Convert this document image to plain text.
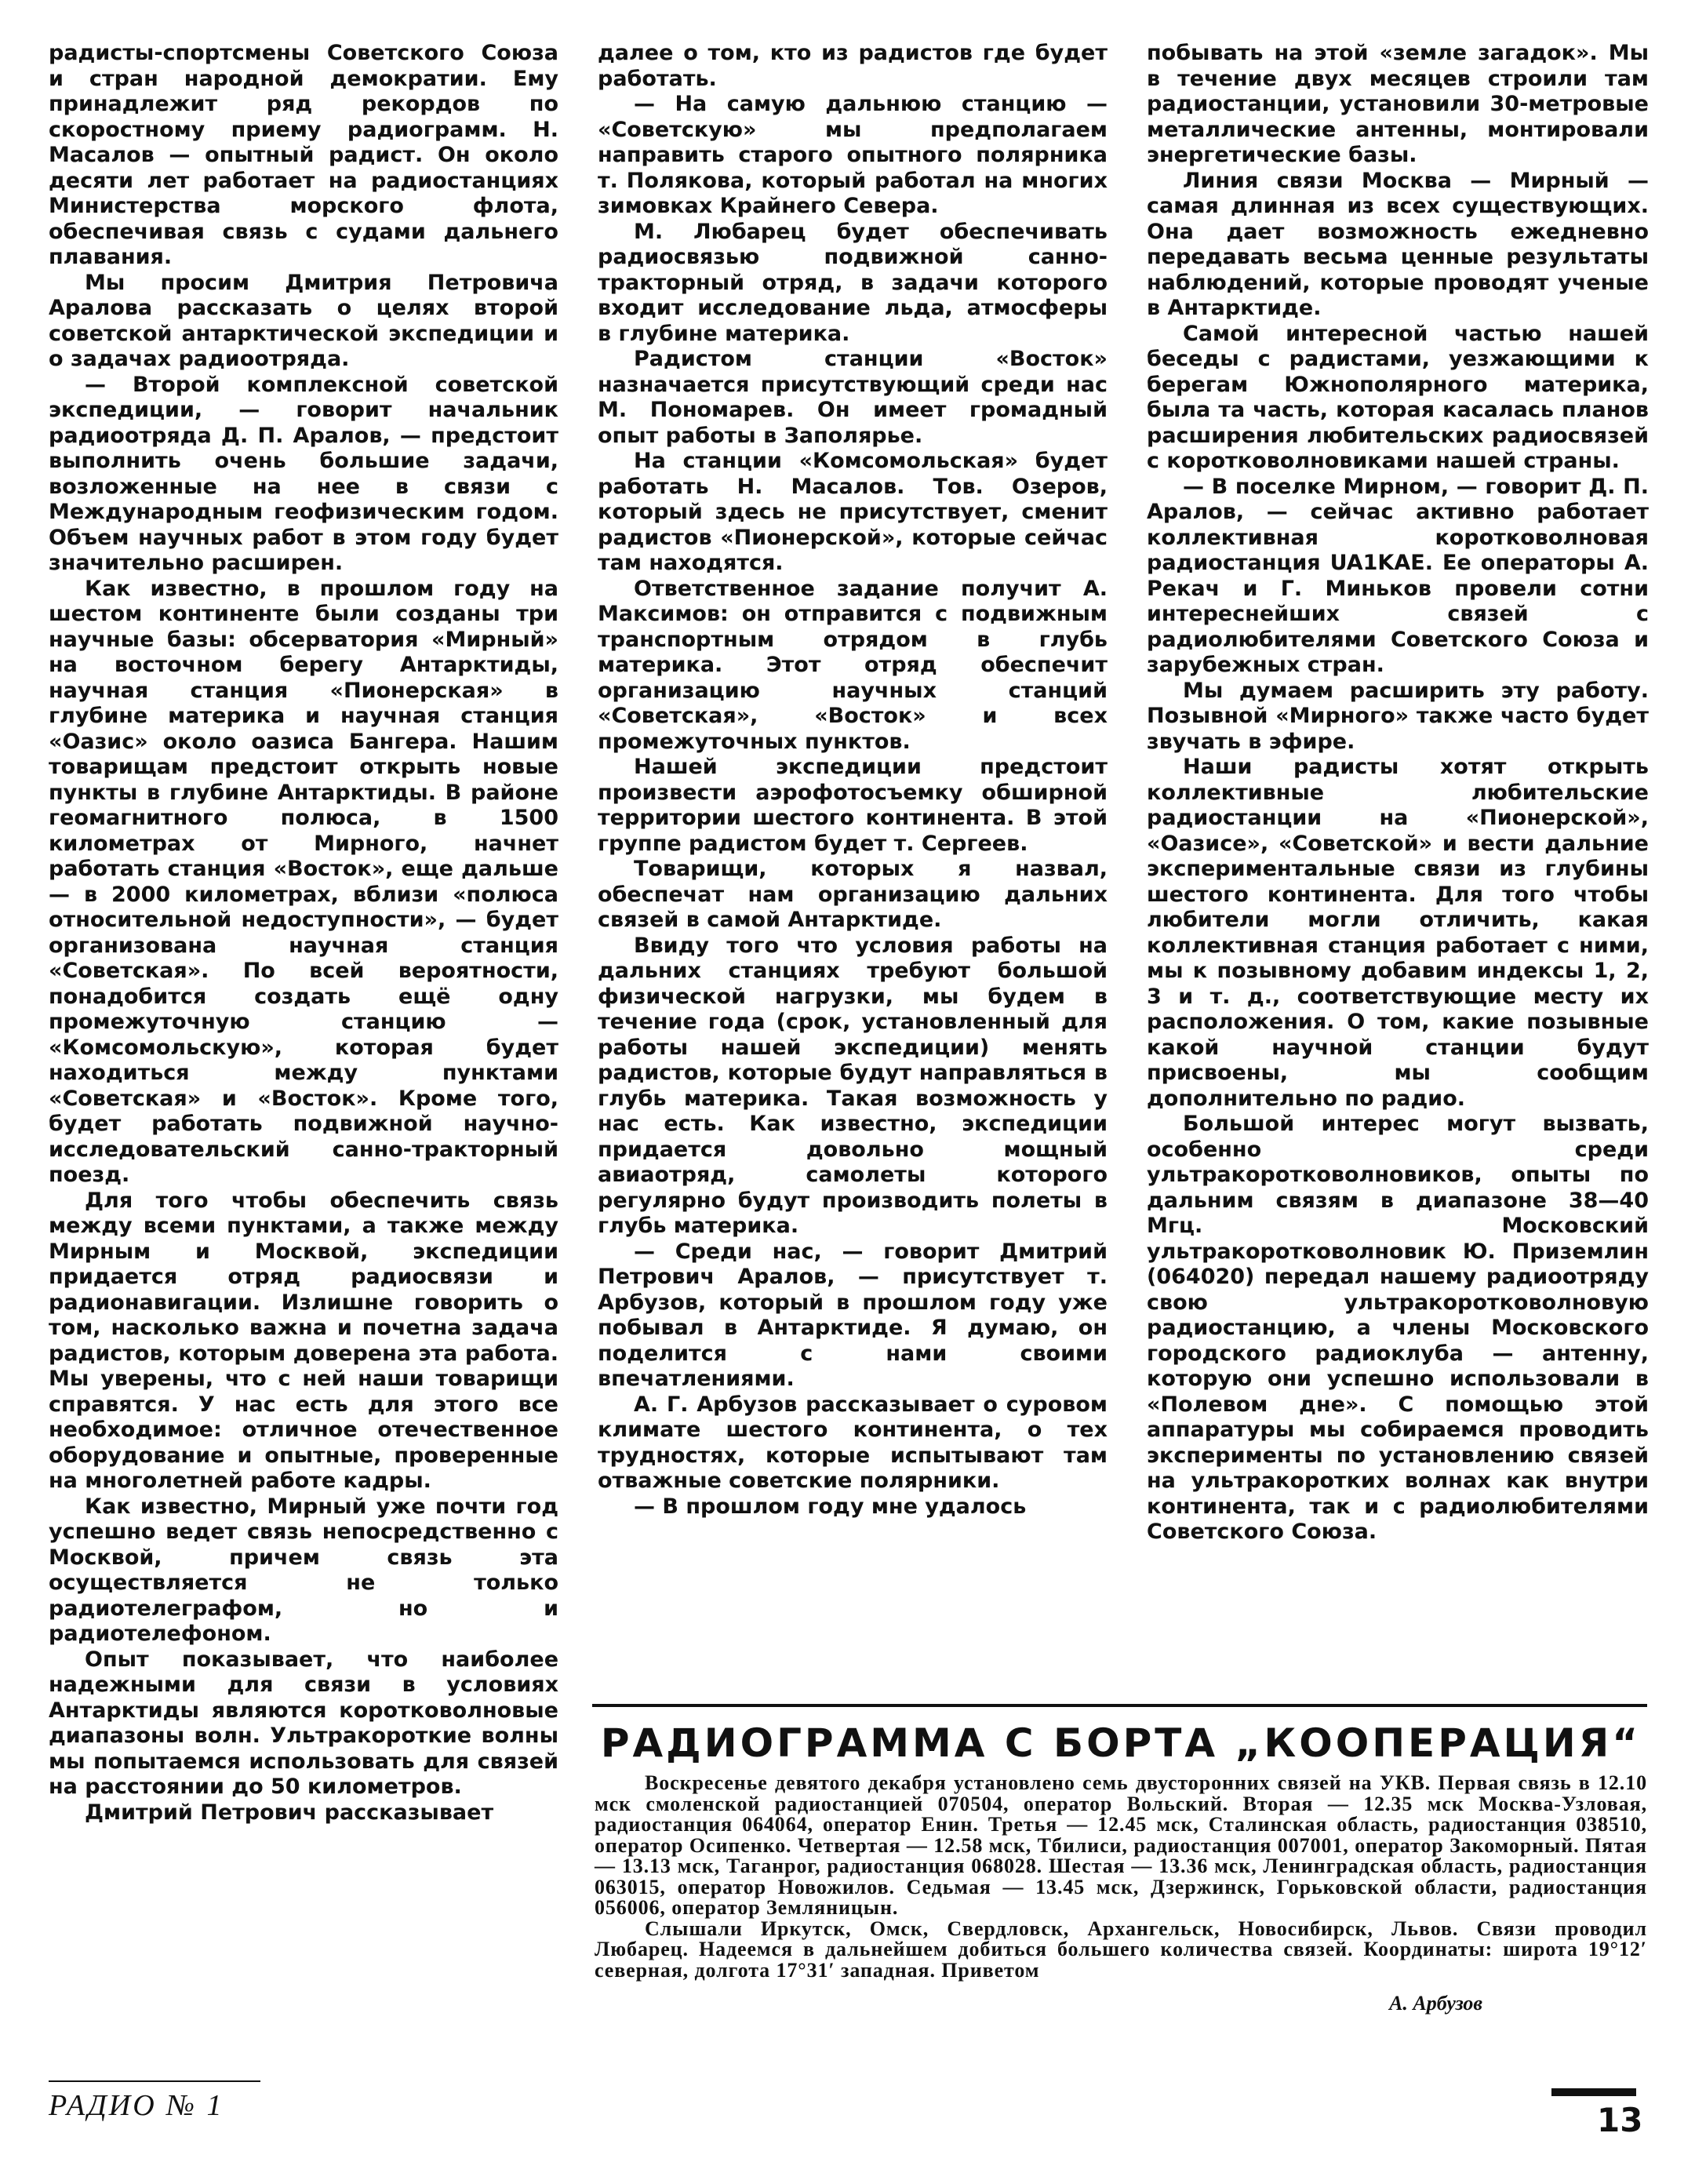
радисты-спортсмены Советского Союза и стран народной демократии. Ему принадлежит ряд рекордов по скоростному приему радиограмм. Н. Масалов — опытный радист. Он около десяти лет работает на радиостанциях Министерства морского флота, обеспечивая связь с судами дальнего плавания.

Мы просим Дмитрия Петровича Аралова рассказать о целях второй советской антарктической экспедиции и о задачах радиоотряда.

— Второй комплексной советской экспедиции, — говорит начальник радиоотряда Д. П. Аралов, — предстоит выполнить очень большие задачи, возложенные на нее в связи с Международным геофизическим годом. Объем научных работ в этом году будет значительно расширен.

Как известно, в прошлом году на шестом континенте были созданы три научные базы: обсерватория «Мирный» на восточном берегу Антарктиды, научная станция «Пионерская» в глубине материка и научная станция «Оазис» около оазиса Бангера. Нашим товарищам предстоит открыть новые пункты в глубине Антарктиды. В районе геомагнитного полюса, в 1500 километрах от Мирного, начнет работать станция «Восток», еще дальше — в 2000 километрах, вблизи «полюса относительной недоступности», — будет организована научная станция «Советская». По всей вероятности, понадобится создать ещё одну промежуточную станцию — «Комсомольскую», которая будет находиться между пунктами «Советская» и «Восток». Кроме того, будет работать подвижной научно-исследовательский санно-тракторный поезд.

Для того чтобы обеспечить связь между всеми пунктами, а также между Мирным и Москвой, экспедиции придается отряд радиосвязи и радионавигации. Излишне говорить о том, насколько важна и почетна задача радистов, которым доверена эта работа. Мы уверены, что с ней наши товарищи справятся. У нас есть для этого все необходимое: отличное отечественное оборудование и опытные, проверенные на многолетней работе кадры.

Как известно, Мирный уже почти год успешно ведет связь непосредственно с Москвой, причем связь эта осуществляется не только радиотелеграфом, но и радиотелефоном.

Опыт показывает, что наиболее надежными для связи в условиях Антарктиды являются коротковолновые диапазоны волн. Ультракороткие волны мы попытаемся использовать для связей на расстоянии до 50 километров.

Дмитрий Петрович рассказывает

далее о том, кто из радистов где будет работать.

— На самую дальнюю станцию — «Советскую» мы предполагаем направить старого опытного полярника т. Полякова, который работал на многих зимовках Крайнего Севера.

М. Любарец будет обеспечивать радиосвязью подвижной санно-тракторный отряд, в задачи которого входит исследование льда, атмосферы в глубине материка.

Радистом станции «Восток» назначается присутствующий среди нас М. Пономарев. Он имеет громадный опыт работы в Заполярье.

На станции «Комсомольская» будет работать Н. Масалов. Тов. Озеров, который здесь не присутствует, сменит радистов «Пионерской», которые сейчас там находятся.

Ответственное задание получит А. Максимов: он отправится с подвижным транспортным отрядом в глубь материка. Этот отряд обеспечит организацию научных станций «Советская», «Восток» и всех промежуточных пунктов.

Нашей экспедиции предстоит произвести аэрофотосъемку обширной территории шестого континента. В этой группе радистом будет т. Сергеев.

Товарищи, которых я назвал, обеспечат нам организацию дальних связей в самой Антарктиде.

Ввиду того что условия работы на дальних станциях требуют большой физической нагрузки, мы будем в течение года (срок, установленный для работы нашей экспедиции) менять радистов, которые будут направляться в глубь материка. Такая возможность у нас есть. Как известно, экспедиции придается довольно мощный авиаотряд, самолеты которого регулярно будут производить полеты в глубь материка.

— Среди нас, — говорит Дмитрий Петрович Аралов, — присутствует т. Арбузов, который в прошлом году уже побывал в Антарктиде. Я думаю, он поделится с нами своими впечатлениями.

А. Г. Арбузов рассказывает о суровом климате шестого континента, о тех трудностях, которые испытывают там отважные советские полярники.

— В прошлом году мне удалось

побывать на этой «земле загадок». Мы в течение двух месяцев строили там радиостанции, установили 30-метровые металлические антенны, монтировали энергетические базы.

Линия связи Москва — Мирный — самая длинная из всех существующих. Она дает возможность ежедневно передавать весьма ценные результаты наблюдений, которые проводят ученые в Антарктиде.

Самой интересной частью нашей беседы с радистами, уезжающими к берегам Южнополярного материка, была та часть, которая касалась планов расширения любительских радиосвязей с коротковолновиками нашей страны.

— В поселке Мирном, — говорит Д. П. Аралов, — сейчас активно работает коллективная коротковолновая радиостанция UA1KAE. Ее операторы А. Рекач и Г. Миньков провели сотни интереснейших связей с радиолюбителями Советского Союза и зарубежных стран.

Мы думаем расширить эту работу. Позывной «Мирного» также часто будет звучать в эфире.

Наши радисты хотят открыть коллективные любительские радиостанции на «Пионерской», «Оазисе», «Советской» и вести дальние экспериментальные связи из глубины шестого континента. Для того чтобы любители могли отличить, какая коллективная станция работает с ними, мы к позывному добавим индексы 1, 2, 3 и т. д., соответствующие месту их расположения. О том, какие позывные какой научной станции будут присвоены, мы сообщим дополнительно по радио.

Большой интерес могут вызвать, особенно среди ультракоротковолновиков, опыты по дальним связям в диапазоне 38—40 Мгц. Московский ультракоротковолновик Ю. Приземлин (064020) передал нашему радиоотряду свою ультракоротковолновую радиостанцию, а члены Московского городского радиоклуба — антенну, которую они успешно использовали в «Полевом дне». С помощью этой аппаратуры мы собираемся проводить эксперименты по установлению связей на ультракоротких волнах как внутри континента, так и с радиолюбителями Советского Союза.

РАДИОГРАММА С БОРТА „КООПЕРАЦИЯ“

Воскресенье девятого декабря установлено семь двусторонних связей на УКВ. Первая связь в 12.10 мск смоленской радиостанцией 070504, оператор Вольский. Вторая — 12.35 мск Москва-Узловая, радиостанция 064064, оператор Енин. Третья — 12.45 мск, Сталинская область, радиостанция 038510, оператор Осипенко. Четвертая — 12.58 мск, Тбилиси, радиостанция 007001, оператор Закоморный. Пятая — 13.13 мск, Таганрог, радиостанция 068028. Шестая — 13.36 мск, Ленинградская область, радиостанция 063015, оператор Новожилов. Седьмая — 13.45 мск, Дзержинск, Горьковской области, радиостанция 056006, оператор Земляницын.

Слышали Иркутск, Омск, Свердловск, Архангельск, Новосибирск, Львов. Связи проводил Любарец. Надеемся в дальнейшем добиться большего количества связей. Координаты: широта 19°12′ северная, долгота 17°31′ западная. Приветом

А. Арбузов
РАДИО № 1	13
